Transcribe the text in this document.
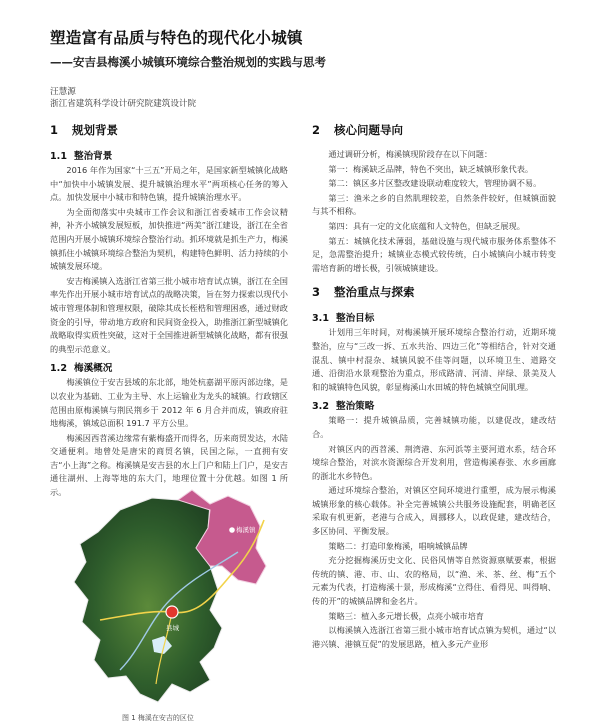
塑造富有品质与特色的现代化小城镇
——安吉县梅溪小城镇环境综合整治规划的实践与思考
汪慧源
浙江省建筑科学设计研究院建筑设计院
1 规划背景
1.1 整治背景

2016 年作为国家“十三五”开局之年，是国家新型城镇化战略中“加快中小城镇发展、提升城镇治理水平”两项核心任务的筹入点。加快发展中小城市和特色镇，提升城镇治理水平。

为全面彻落实中央城市工作会议和浙江省委城市工作会议精神，补齐小城镇发展短板，加快推进“两美”浙江建设，浙江在全省范围内开展小城镇环境综合整治行动。抓环境就是抓生产力，梅溪镇抓住小城镇环境综合整治为契机，构建特色鲜明、活力持续的小城镇发展环境。

安吉梅溪镇入选浙江省第三批小城市培育试点镇，浙江在全国率先作出开展小城市培育试点的战略决策，旨在努力探索以现代小城市管理体制和管理权限，破除其成长桎梏和管理困惑，通过财政资金的引导，带动地方政府和民间资金投入，助推浙江新型城镇化战略取得实质性突破，这对于全国推进新型城镇化战略，都有很强的典型示范意义。

1.2 梅溪概况

梅溪镇位于安吉县域的东北部，地处杭嘉湖平原丙部边缘，是以农业为基础、工业为主导、水上运输业为龙头的城镇。行政辖区范围由原梅溪镇与荆民荆乡于 2012 年 6 月合并而成，镇政府驻地梅溪，镇域总面积 191.7 平方公里。

梅溪因西苕溪边缘常有紫梅盛开而得名，历来商贸发达，水陆交通便利。地曾处是唐宋的商贸名镇，民国之际，一直拥有安吉“小上海”之称。梅溪镇是安吉县的水上门户和陆上门户，是安吉通往湖州、上海等地的东大门，地理位置十分优越。如图 1 所示。

梅溪镇
县城
图 1 梅溪在安吉的区位
2 核心问题导向

通过调研分析，梅溪镇现阶段存在以下问题：

第一：梅溪缺乏品牌，特色不突出，缺乏城镇形象代表。

第二：镇区多片区整改建设联动难度较大，管理协调不易。

第三：渔米之乡的自然肌理较差，自然条件较好，但城镇面貌与其不相称。

第四：具有一定的文化底蕴和人文特色，但缺乏展现。

第五：城镇化技术薄弱，基础设施与现代城市服务体系整体不足，急需整治提升；城镇业态模式较传统，白小城镇向小城市转变需培育新的增长极，引领城镇建设。

3 整治重点与探索
3.1 整治目标

计划用三年时间，对梅溪镇开展环境综合整治行动，近期环境整治，应与“三改一拆、五水共治、四边三化”等相结合，针对交通混乱、镇中村混杂、城镇风貌不佳等问题，以环境卫生、道路交通、沿街沿水景观整治为重点，形成路清、河清、岸绿、景美及人和的城镇特色风貌，彰显梅溪山水田城的特色城镇空间肌理。

3.2 整治策略

策略一：提升城镇品质，完善城镇功能，以建促改，建改结合。

对镇区内的西苕溪、荆湾港、东河浜等主要河道水系，结合环境综合整治，对滨水资源综合开发利用，营造梅溪春张、水乡画廊的浙北水乡特色。

通过环境综合整治，对镇区空间环境进行重塑，成为展示梅溪城镇形象的核心载体。补全完善城镇公共服务设施配套，明确老区采取有机更新，老港与合成入，周挪移人，以政促建，建改结合，多区协同、平衡发展。

策略二：打造印象梅溪，唱响城镇品牌

充分挖掘梅溪历史文化、民俗风情等自然资源禀赋要素，根据传统的镇、港、市、山、农的格局，以“渔、米、茶、丝、梅”五个元素为代表，打造梅溪十景，形成梅溪“立得住、看得见、叫得响、传的开”的城镇品牌和金名片。

策略三：植入多元增长极，点亮小城市培育

以梅溪镇入选浙江省第三批小城市培育试点镇为契机，通过“以港兴镇、港镇互促”的发展思路，植入多元产业形
